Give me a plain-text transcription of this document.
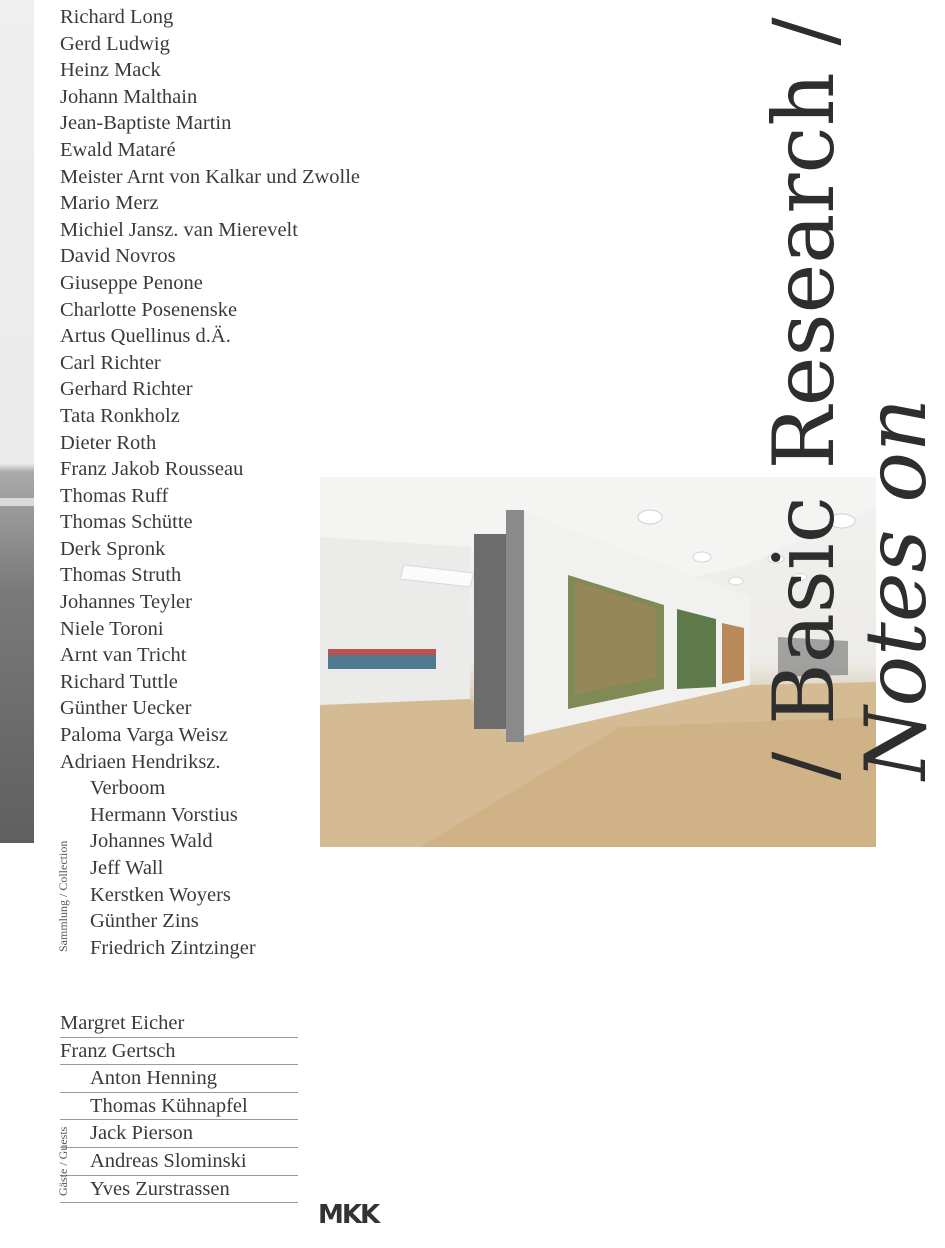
Richard Long
Gerd Ludwig
Heinz Mack
Johann Malthain
Jean-Baptiste Martin
Ewald Mataré
Meister Arnt von Kalkar und Zwolle
Mario Merz
Michiel Jansz. van Mierevelt
David Novros
Giuseppe Penone
Charlotte Posenenske
Artus Quellinus d.Ä.
Carl Richter
Gerhard Richter
Tata Ronkholz
Dieter Roth
Franz Jakob Rousseau
Thomas Ruff
Thomas Schütte
Derk Spronk
Thomas Struth
Johannes Teyler
Niele Toroni
Arnt van Tricht
Richard Tuttle
Günther Uecker
Paloma Varga Weisz
Adriaen Hendriksz.
Verboom
Hermann Vorstius
Johannes Wald
Jeff Wall
Kerstken Woyers
Günther Zins
Friedrich Zintzinger
Sammlung / Collection
Margret Eicher
Franz Gertsch
Anton Henning
Thomas Kühnapfel
Jack Pierson
Andreas Slominski
Yves Zurstrassen
Gäste / Guests
/ Basic Research /
Notes on
MKK
